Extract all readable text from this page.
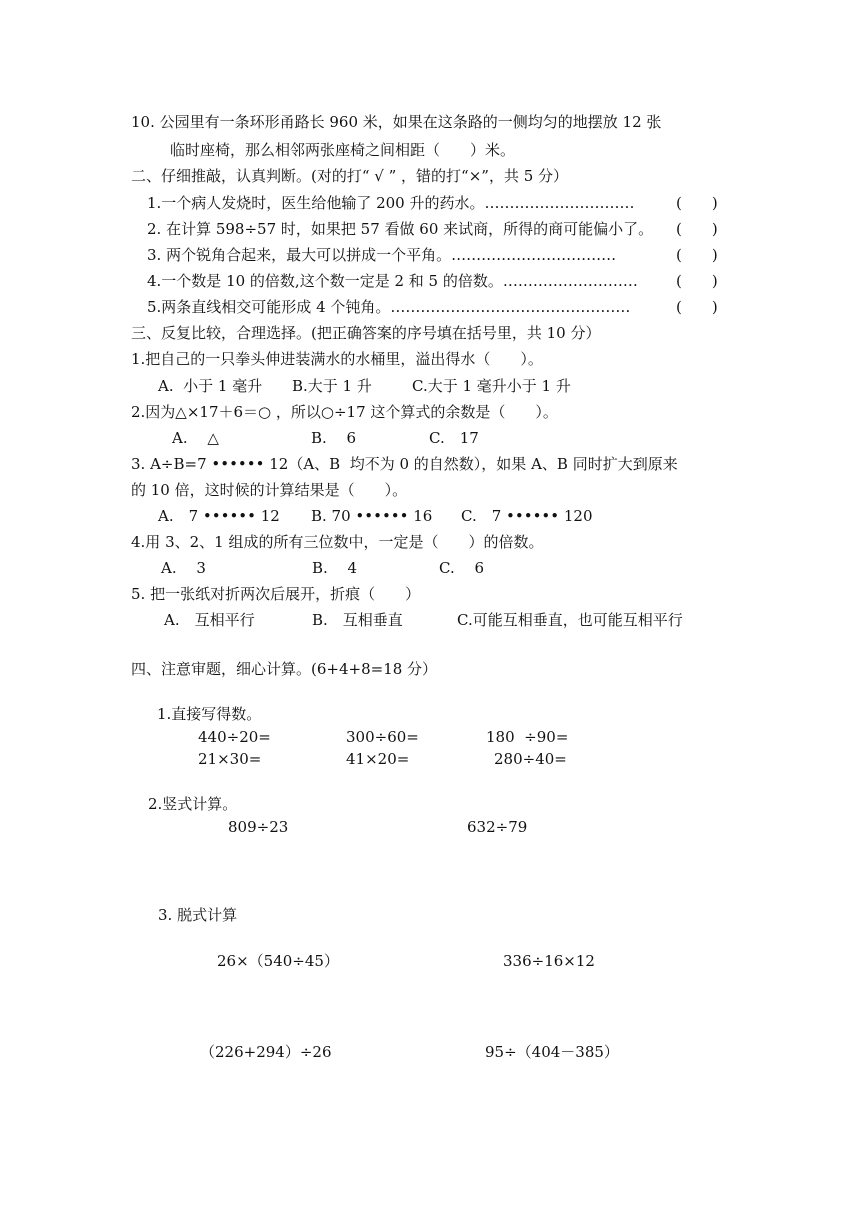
10. 公园里有一条环形甬路长 960 米，如果在这条路的一侧均匀的地摆放 12 张
临时座椅，那么相邻两张座椅之间相距（　　）米。
二、仔细推敲，认真判断。(对的打“ √ ” ，错的打“×”，共 5 分）
1.一个病人发烧时，医生给他输了 200 升的药水。…………………………	(　　)
2. 在计算 598÷57 时，如果把 57 看做 60 来试商，所得的商可能偏小了。 (　　)
3. 两个锐角合起来，最大可以拼成一个平角。……………………………	(　　)
4.一个数是 10 的倍数,这个数一定是 2 和 5 的倍数。………………………	(　　)
5.两条直线相交可能形成 4 个钝角。…………………………………………	(　　)
三、反复比较，合理选择。(把正确答案的序号填在括号里，共 10 分）
1.把自己的一只拳头伸进装满水的水桶里，溢出得水（　　）。
A.  小于 1 毫升 B.大于 1 升	C.大于 1 毫升小于 1 升
2.因为△×17＋6＝○ ，所以○÷17 这个算式的余数是（　　）。
A.　 △	B.　 6	C.　17
3. A÷B=7 •••••• 12（A、B  均不为 0 的自然数），如果 A、B 同时扩大到原来
的 10 倍，这时候的计算结果是（　　）。
A.　7 •••••• 12 B. 70 •••••• 16 C.　7 •••••• 120
4.用 3、2、1 组成的所有三位数中，一定是（　　）的倍数。
A.　 3	B.　 4	C.　 6
5. 把一张纸对折两次后展开，折痕（　　）
A.　互相平行	B.　互相垂直	C.可能互相垂直，也可能互相平行
四、注意审题，细心计算。(6+4+8=18 分）
1.直接写得数。
440÷20=	300÷60=	180  ÷90=
21×30=	41×20=	280÷40=
2.竖式计算。
809÷23	632÷79
3. 脱式计算
26×（540÷45）	336÷16×12
（226+294）÷26	95÷（404－385）
